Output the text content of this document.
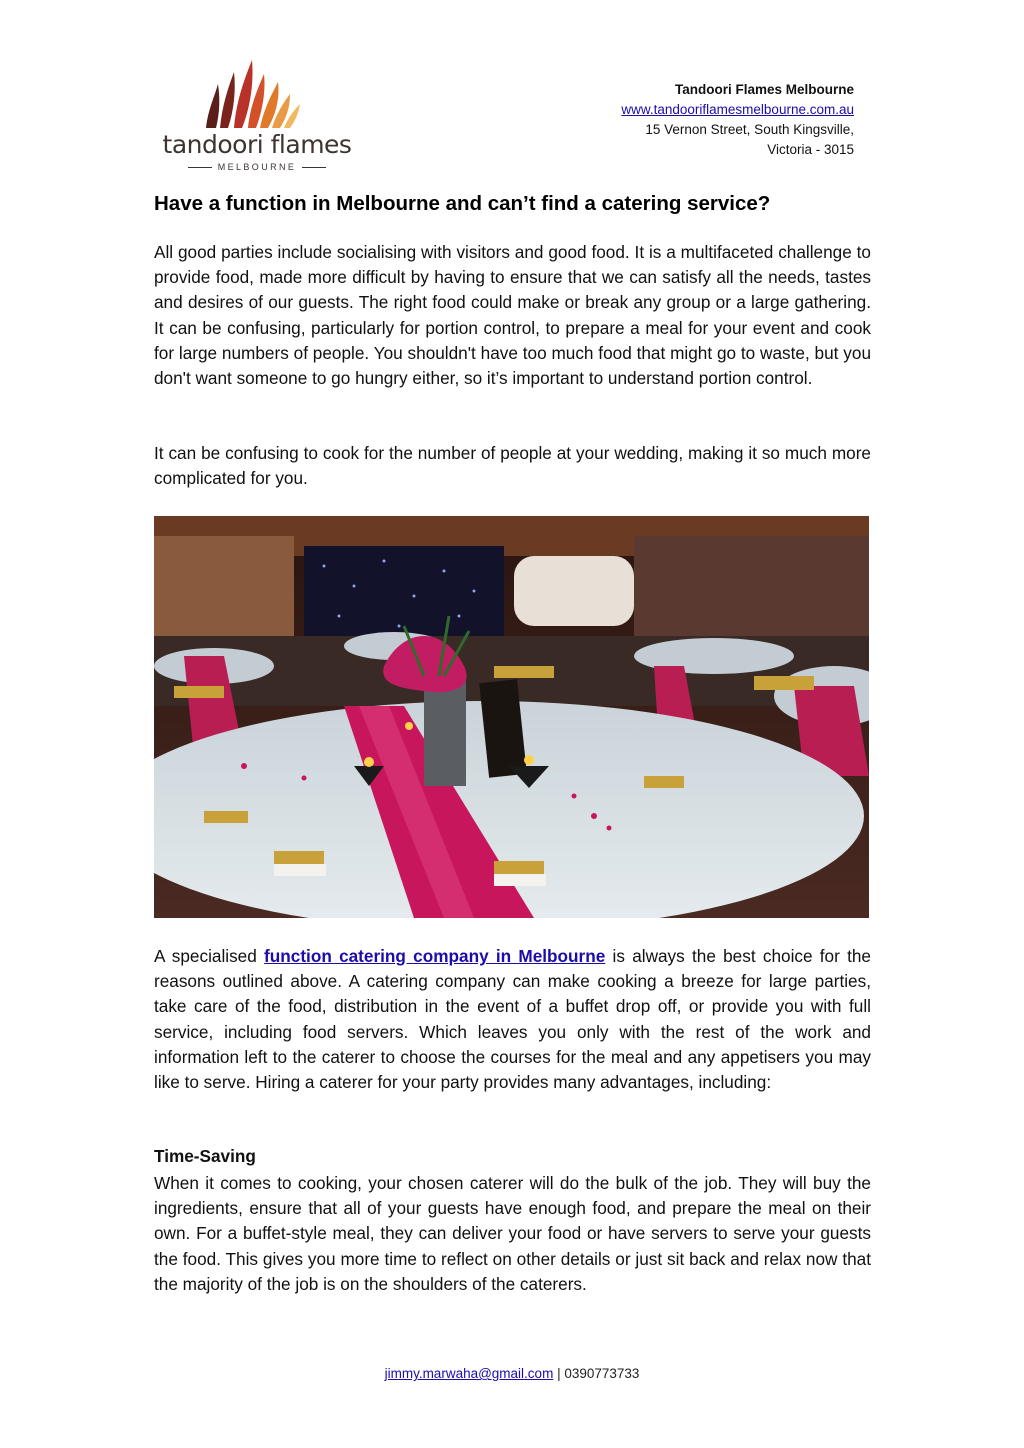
tandoori flames
MELBOURNE
Tandoori Flames Melbourne
www.tandooriflamesmelbourne.com.au
15 Vernon Street, South Kingsville,
Victoria - 3015
Have a function in Melbourne and can’t find a catering service?

All good parties include socialising with visitors and good food. It is a multifaceted challenge to provide food, made more difficult by having to ensure that we can satisfy all the needs, tastes and desires of our guests. The right food could make or break any group or a large gathering. It can be confusing, particularly for portion control, to prepare a meal for your event and cook for large numbers of people. You shouldn't have too much food that might go to waste, but you don't want someone to go hungry either, so it’s important to understand portion control.

It can be confusing to cook for the number of people at your wedding, making it so much more complicated for you.

A specialised function catering company in Melbourne is always the best choice for the reasons outlined above. A catering company can make cooking a breeze for large parties, take care of the food, distribution in the event of a buffet drop off, or provide you with full service, including food servers. Which leaves you only with the rest of the work and information left to the caterer to choose the courses for the meal and any appetisers you may like to serve. Hiring a caterer for your party provides many advantages, including:

Time-Saving

When it comes to cooking, your chosen caterer will do the bulk of the job. They will buy the ingredients, ensure that all of your guests have enough food, and prepare the meal on their own. For a buffet-style meal, they can deliver your food or have servers to serve your guests the food. This gives you more time to reflect on other details or just sit back and relax now that the majority of the job is on the shoulders of the caterers.

jimmy.marwaha@gmail.com | 0390773733
